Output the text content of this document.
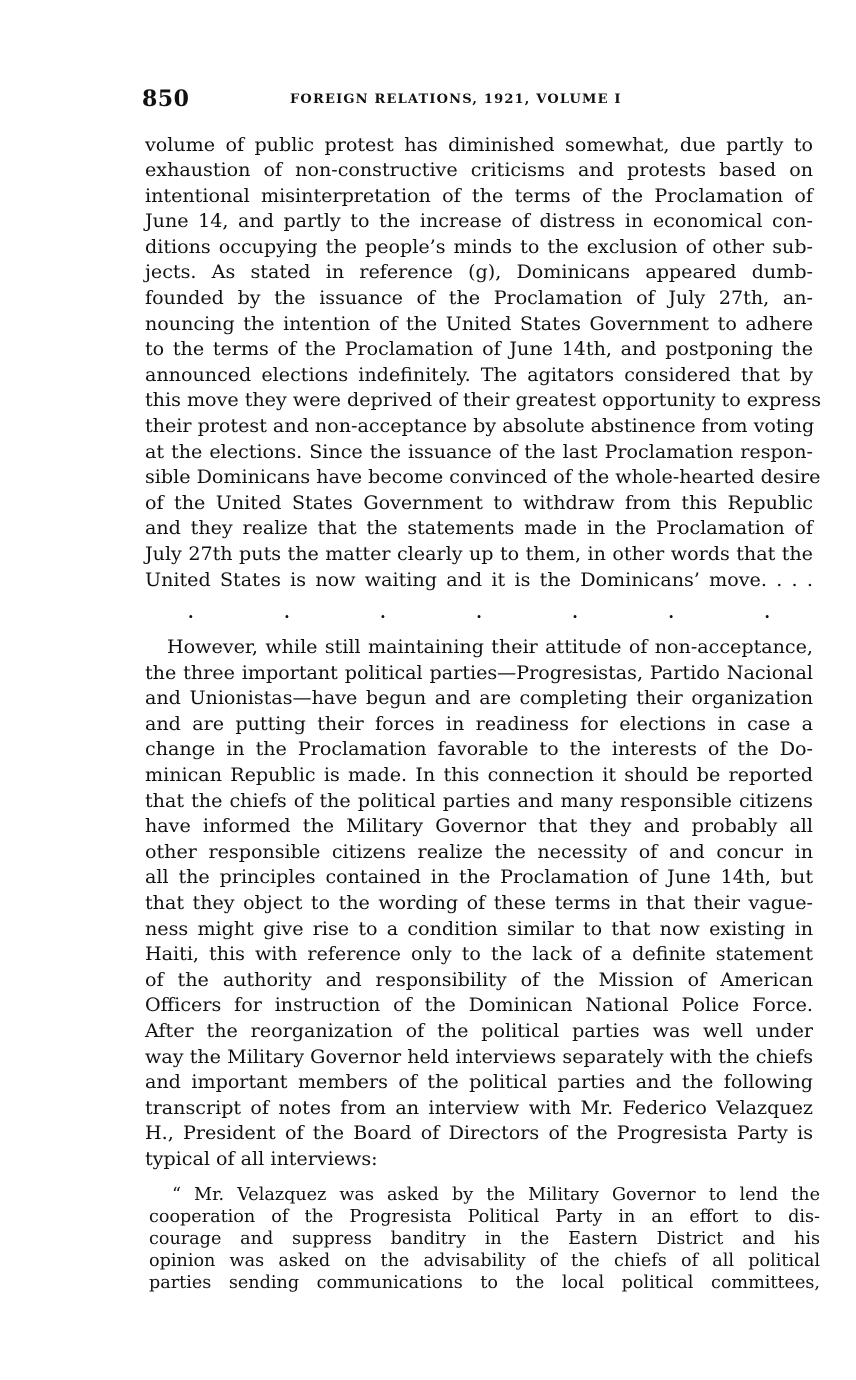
850	FOREIGN RELATIONS, 1921, VOLUME I
volume of public protest has diminished somewhat, due partly to
exhaustion of non-constructive criticisms and protests based on
intentional misinterpretation of the terms of the Proclamation of
June 14, and partly to the increase of distress in economical con-
ditions occupying the people’s minds to the exclusion of other sub-
jects. As stated in reference (g), Dominicans appeared dumb-
founded by the issuance of the Proclamation of July 27th, an-
nouncing the intention of the United States Government to adhere
to the terms of the Proclamation of June 14th, and postponing the
announced elections indefinitely. The agitators considered that by
this move they were deprived of their greatest opportunity to express
their protest and non-acceptance by absolute abstinence from voting
at the elections. Since the issuance of the last Proclamation respon-
sible Dominicans have become convinced of the whole-hearted desire
of the United States Government to withdraw from this Republic
and they realize that the statements made in the Proclamation of
July 27th puts the matter clearly up to them, in other words that the
United States is now waiting and it is the Dominicans’ move. . . .
.	.	.	.	.	.	.
However, while still maintaining their attitude of non-acceptance,
the three important political parties—Progresistas, Partido Nacional
and Unionistas—have begun and are completing their organization
and are putting their forces in readiness for elections in case a
change in the Proclamation favorable to the interests of the Do-
minican Republic is made. In this connection it should be reported
that the chiefs of the political parties and many responsible citizens
have informed the Military Governor that they and probably all
other responsible citizens realize the necessity of and concur in
all the principles contained in the Proclamation of June 14th, but
that they object to the wording of these terms in that their vague-
ness might give rise to a condition similar to that now existing in
Haiti, this with reference only to the lack of a definite statement
of the authority and responsibility of the Mission of American
Officers for instruction of the Dominican National Police Force.
After the reorganization of the political parties was well under
way the Military Governor held interviews separately with the chiefs
and important members of the political parties and the following
transcript of notes from an interview with Mr. Federico Velazquez
H., President of the Board of Directors of the Progresista Party is
typical of all interviews:
“ Mr. Velazquez was asked by the Military Governor to lend the
cooperation of the Progresista Political Party in an effort to dis-
courage and suppress banditry in the Eastern District and his
opinion was asked on the advisability of the chiefs of all political
parties sending communications to the local political committees,
